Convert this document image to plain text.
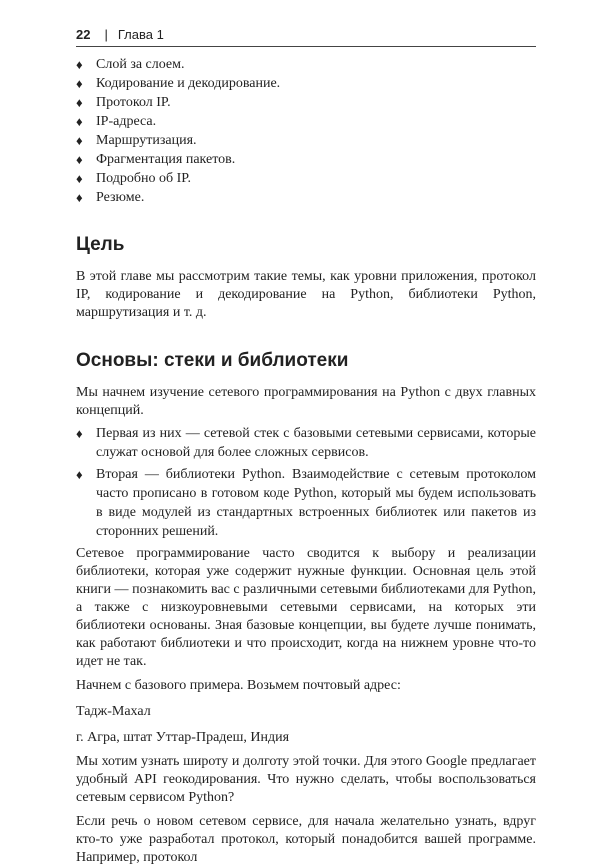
22 | Глава 1
♦ Слой за слоем.
♦ Кодирование и декодирование.
♦ Протокол IP.
♦ IP-адреса.
♦ Маршрутизация.
♦ Фрагментация пакетов.
♦ Подробно об IP.
♦ Резюме.
Цель

В этой главе мы рассмотрим такие темы, как уровни приложения, протокол IP, кодирование и декодирование на Python, библиотеки Python, маршрутизация и т. д.

Основы: стеки и библиотеки

Мы начнем изучение сетевого программирования на Python с двух главных концепций.

♦ Первая из них — сетевой стек с базовыми сетевыми сервисами, которые служат основой для более сложных сервисов.
♦ Вторая — библиотеки Python. Взаимодействие с сетевым протоколом часто прописано в готовом коде Python, который мы будем использовать в виде модулей из стандартных встроенных библиотек или пакетов из сторонних решений.

Сетевое программирование часто сводится к выбору и реализации библиотеки, которая уже содержит нужные функции. Основная цель этой книги — познакомить вас с различными сетевыми библиотеками для Python, а также с низкоуровневыми сетевыми сервисами, на которых эти библиотеки основаны. Зная базовые концепции, вы будете лучше понимать, как работают библиотеки и что происходит, когда на нижнем уровне что-то идет не так.

Начнем с базового примера. Возьмем почтовый адрес:

Тадж-Махал

г. Агра, штат Уттар-Прадеш, Индия

Мы хотим узнать широту и долготу этой точки. Для этого Google предлагает удобный API геокодирования. Что нужно сделать, чтобы воспользоваться сетевым сервисом Python?

Если речь о новом сетевом сервисе, для начала желательно узнать, вдруг кто-то уже разработал протокол, который понадобится вашей программе. Например, протокол
